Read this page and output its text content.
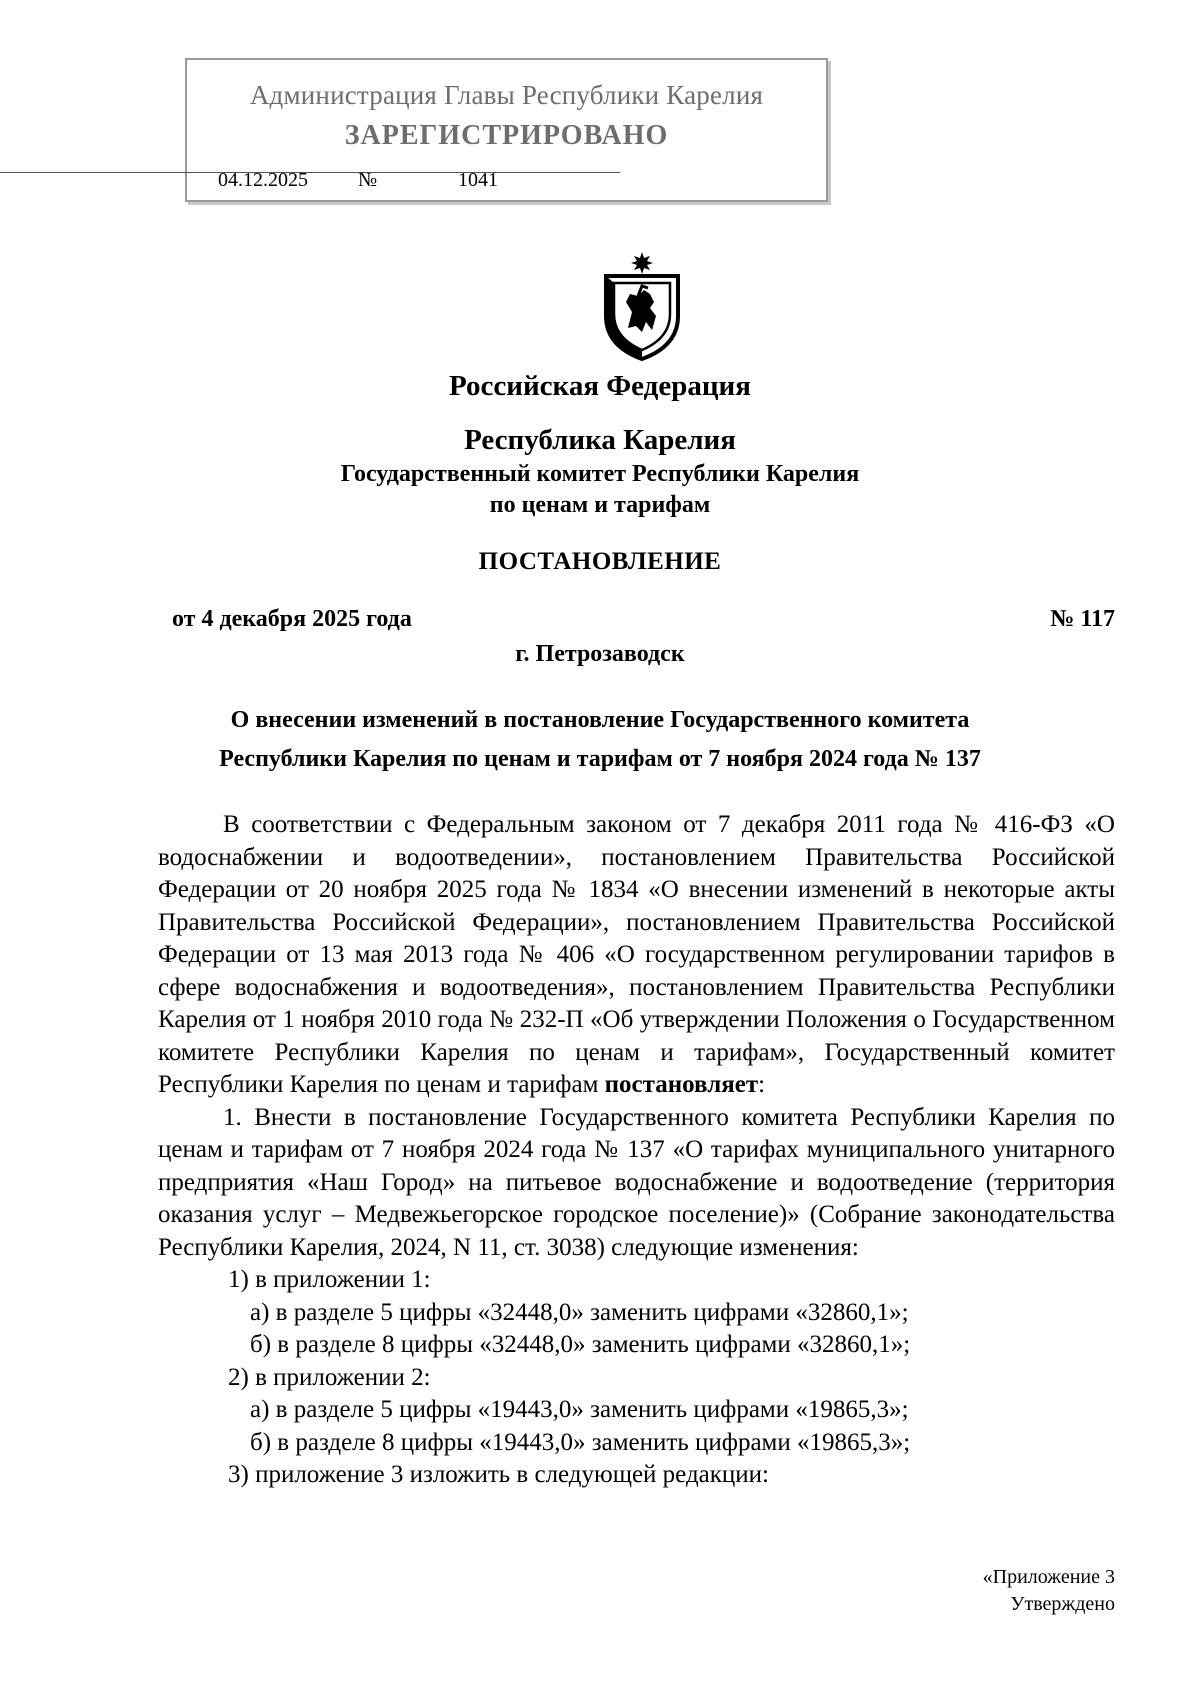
Администрация Главы Республики Карелия
ЗАРЕГИСТРИРОВАНО
04.12.2025	№	1041
Российская Федерация
Республика Карелия
Государственный комитет Республики Карелия
по ценам и тарифам
ПОСТАНОВЛЕНИЕ
от 4 декабря 2025 года	№ 117
г. Петрозаводск
О внесении изменений в постановление Государственного комитета
Республики Карелия по ценам и тарифам от 7 ноября 2024 года № 137

В соответствии с Федеральным законом от 7 декабря 2011 года № 416-ФЗ «О водоснабжении и водоотведении», постановлением Правительства Российской Федерации от 20 ноября 2025 года № 1834 «О внесении изменений в некоторые акты Правительства Российской Федерации», постановлением Правительства Российской Федерации от 13 мая 2013 года № 406 «О государственном регулировании тарифов в сфере водоснабжения и водоотведения», постановлением Правительства Республики Карелия от 1 ноября 2010 года № 232-П «Об утверждении Положения о Государственном комитете Республики Карелия по ценам и тарифам», Государственный комитет Республики Карелия по ценам и тарифам постановляет:

1. Внести в постановление Государственного комитета Республики Карелия по ценам и тарифам от 7 ноября 2024 года № 137 «О тарифах муниципального унитарного предприятия «Наш Город» на питьевое водоснабжение и водоотведение (территория оказания услуг – Медвежьегорское городское поселение)» (Собрание законодательства Республики Карелия, 2024, N 11, ст. 3038) следующие изменения:

1) в приложении 1:

а) в разделе 5 цифры «32448,0» заменить цифрами «32860,1»;

б) в разделе 8 цифры «32448,0» заменить цифрами «32860,1»;

2) в приложении 2:

а) в разделе 5 цифры «19443,0» заменить цифрами «19865,3»;

б) в разделе 8 цифры «19443,0» заменить цифрами «19865,3»;

3) приложение 3 изложить в следующей редакции:

«Приложение 3
Утверждено
